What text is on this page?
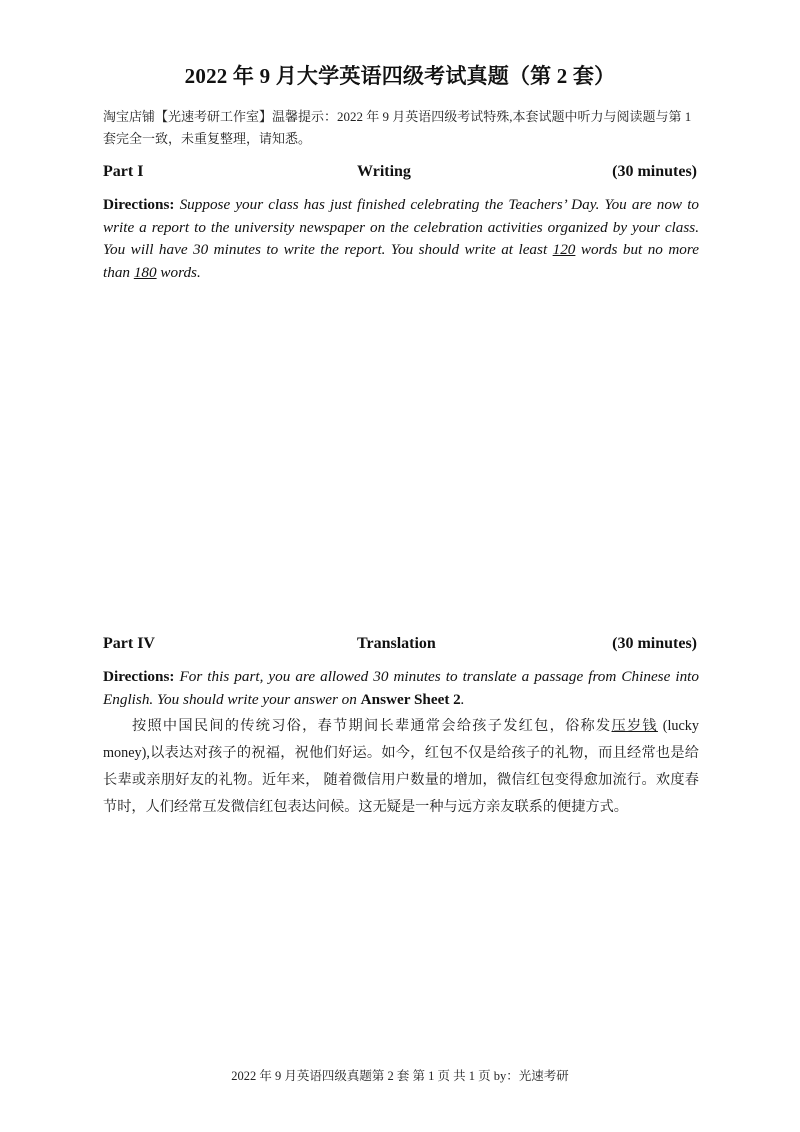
2022 年 9 月大学英语四级考试真题（第 2 套）
淘宝店铺【光速考研工作室】温馨提示：2022 年 9 月英语四级考试特殊,本套试题中听力与阅读题与第 1 套完全一致，未重复整理，请知悉。
Part I	Writing	(30 minutes)
Directions: Suppose your class has just finished celebrating the Teachers’ Day. You are now to write a report to the university newspaper on the celebration activities organized by your class. You will have 30 minutes to write the report. You should write at least 120 words but no more than 180 words.
Part IV	Translation	(30 minutes)
Directions: For this part, you are allowed 30 minutes to translate a passage from Chinese into English. You should write your answer on Answer Sheet 2.
按照中国民间的传统习俗，春节期间长辈通常会给孩子发红包，俗称发压岁钱 (lucky money),以表达对孩子的祝福，祝他们好运。如今，红包不仅是给孩子的礼物，而且经常也是给长辈或亲朋好友的礼物。近年来， 随着微信用户数量的增加，微信红包变得愈加流行。欢度春节时，人们经常互发微信红包表达问候。这无疑是一种与远方亲友联系的便捷方式。
2022 年 9 月英语四级真题第 2 套 第 1 页 共 1 页 by：光速考研
